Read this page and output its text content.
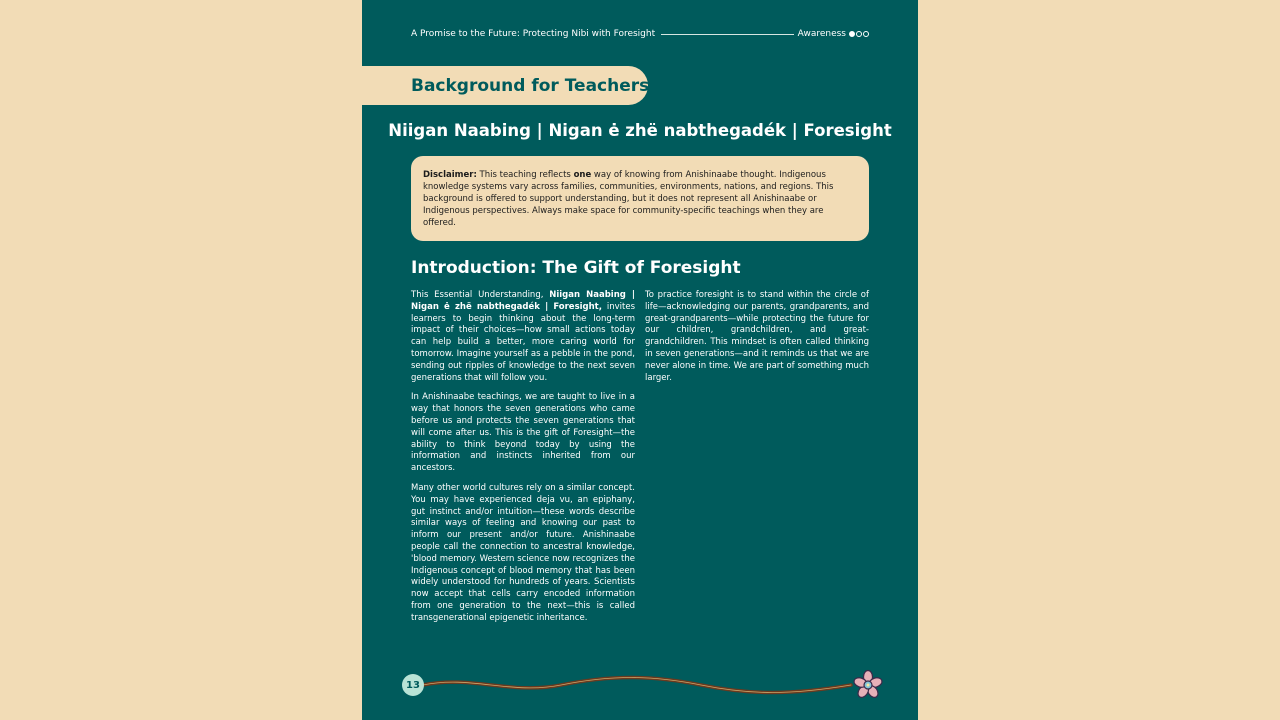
A Promise to the Future: Protecting Nibi with Foresight	Awareness
Background for Teachers
Niigan Naabing | Nigan ė zhë nabthegadék | Foresight
Disclaimer: This teaching reflects one way of knowing from Anishinaabe thought. Indigenous knowledge systems vary across families, communities, environments, nations, and regions. This background is offered to support understanding, but it does not represent all Anishinaabe or Indigenous perspectives. Always make space for community-specific teachings when they are offered.
Introduction: The Gift of Foresight

This Essential Understanding, Niigan Naabing | Nigan ė zhë nabthegadék | Foresight, invites learners to begin thinking about the long-term impact of their choices—how small actions today can help build a better, more caring world for tomorrow. Imagine yourself as a pebble in the pond, sending out ripples of knowledge to the next seven generations that will follow you.

In Anishinaabe teachings, we are taught to live in a way that honors the seven generations who came before us and protects the seven generations that will come after us. This is the gift of Foresight—the ability to think beyond today by using the information and instincts inherited from our ancestors.

Many other world cultures rely on a similar concept. You may have experienced deja vu, an epiphany, gut instinct and/or intuition—these words describe similar ways of feeling and knowing our past to inform our present and/or future. Anishinaabe people call the connection to ancestral knowledge, 'blood memory. Western science now recognizes the Indigenous concept of blood memory that has been widely understood for hundreds of years. Scientists now accept that cells carry encoded information from one generation to the next—this is called transgenerational epigenetic inheritance.

To practice foresight is to stand within the circle of life—acknowledging our parents, grandparents, and great-grandparents—while protecting the future for our children, grandchildren, and great-grandchildren. This mindset is often called thinking in seven generations—and it reminds us that we are never alone in time. We are part of something much larger.

13
